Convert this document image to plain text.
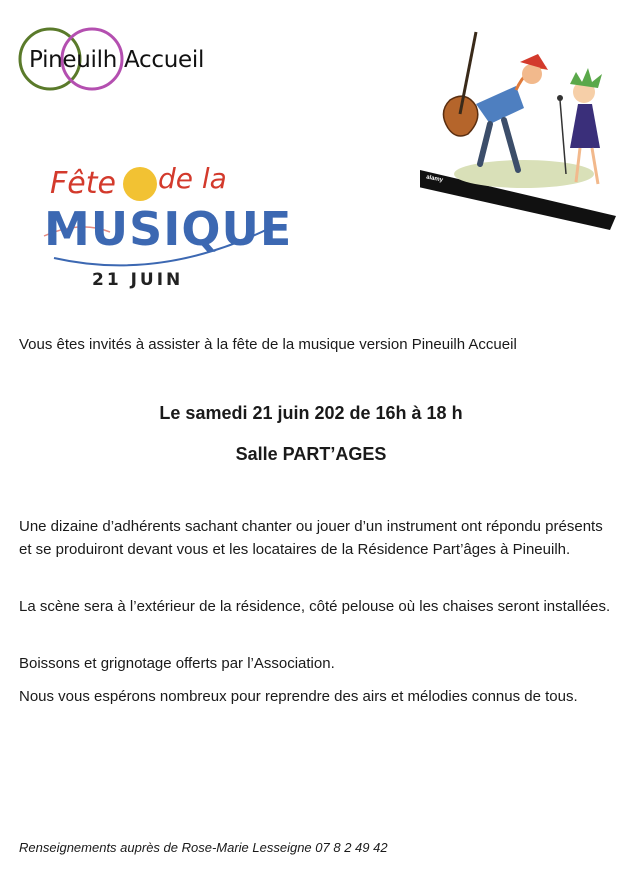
Pineuilh Accueil
Fête de la
MUSIQUE
21 JUIN
alamy

Vous êtes invités à assister à la fête de la musique version Pineuilh Accueil

Le samedi 21 juin 202 de 16h à 18 h
Salle PART’AGES

Une dizaine d’adhérents sachant chanter ou jouer d’un instrument ont répondu présents et se produiront devant vous et les locataires de la Résidence Part’âges à Pineuilh.

La scène sera à l’extérieur de la résidence, côté pelouse où les chaises seront installées.

Boissons et grignotage offerts par l’Association.

Nous vous espérons nombreux pour reprendre des airs et mélodies connus de tous.

Renseignements auprès de Rose-Marie Lesseigne 07 8 2 49 42
